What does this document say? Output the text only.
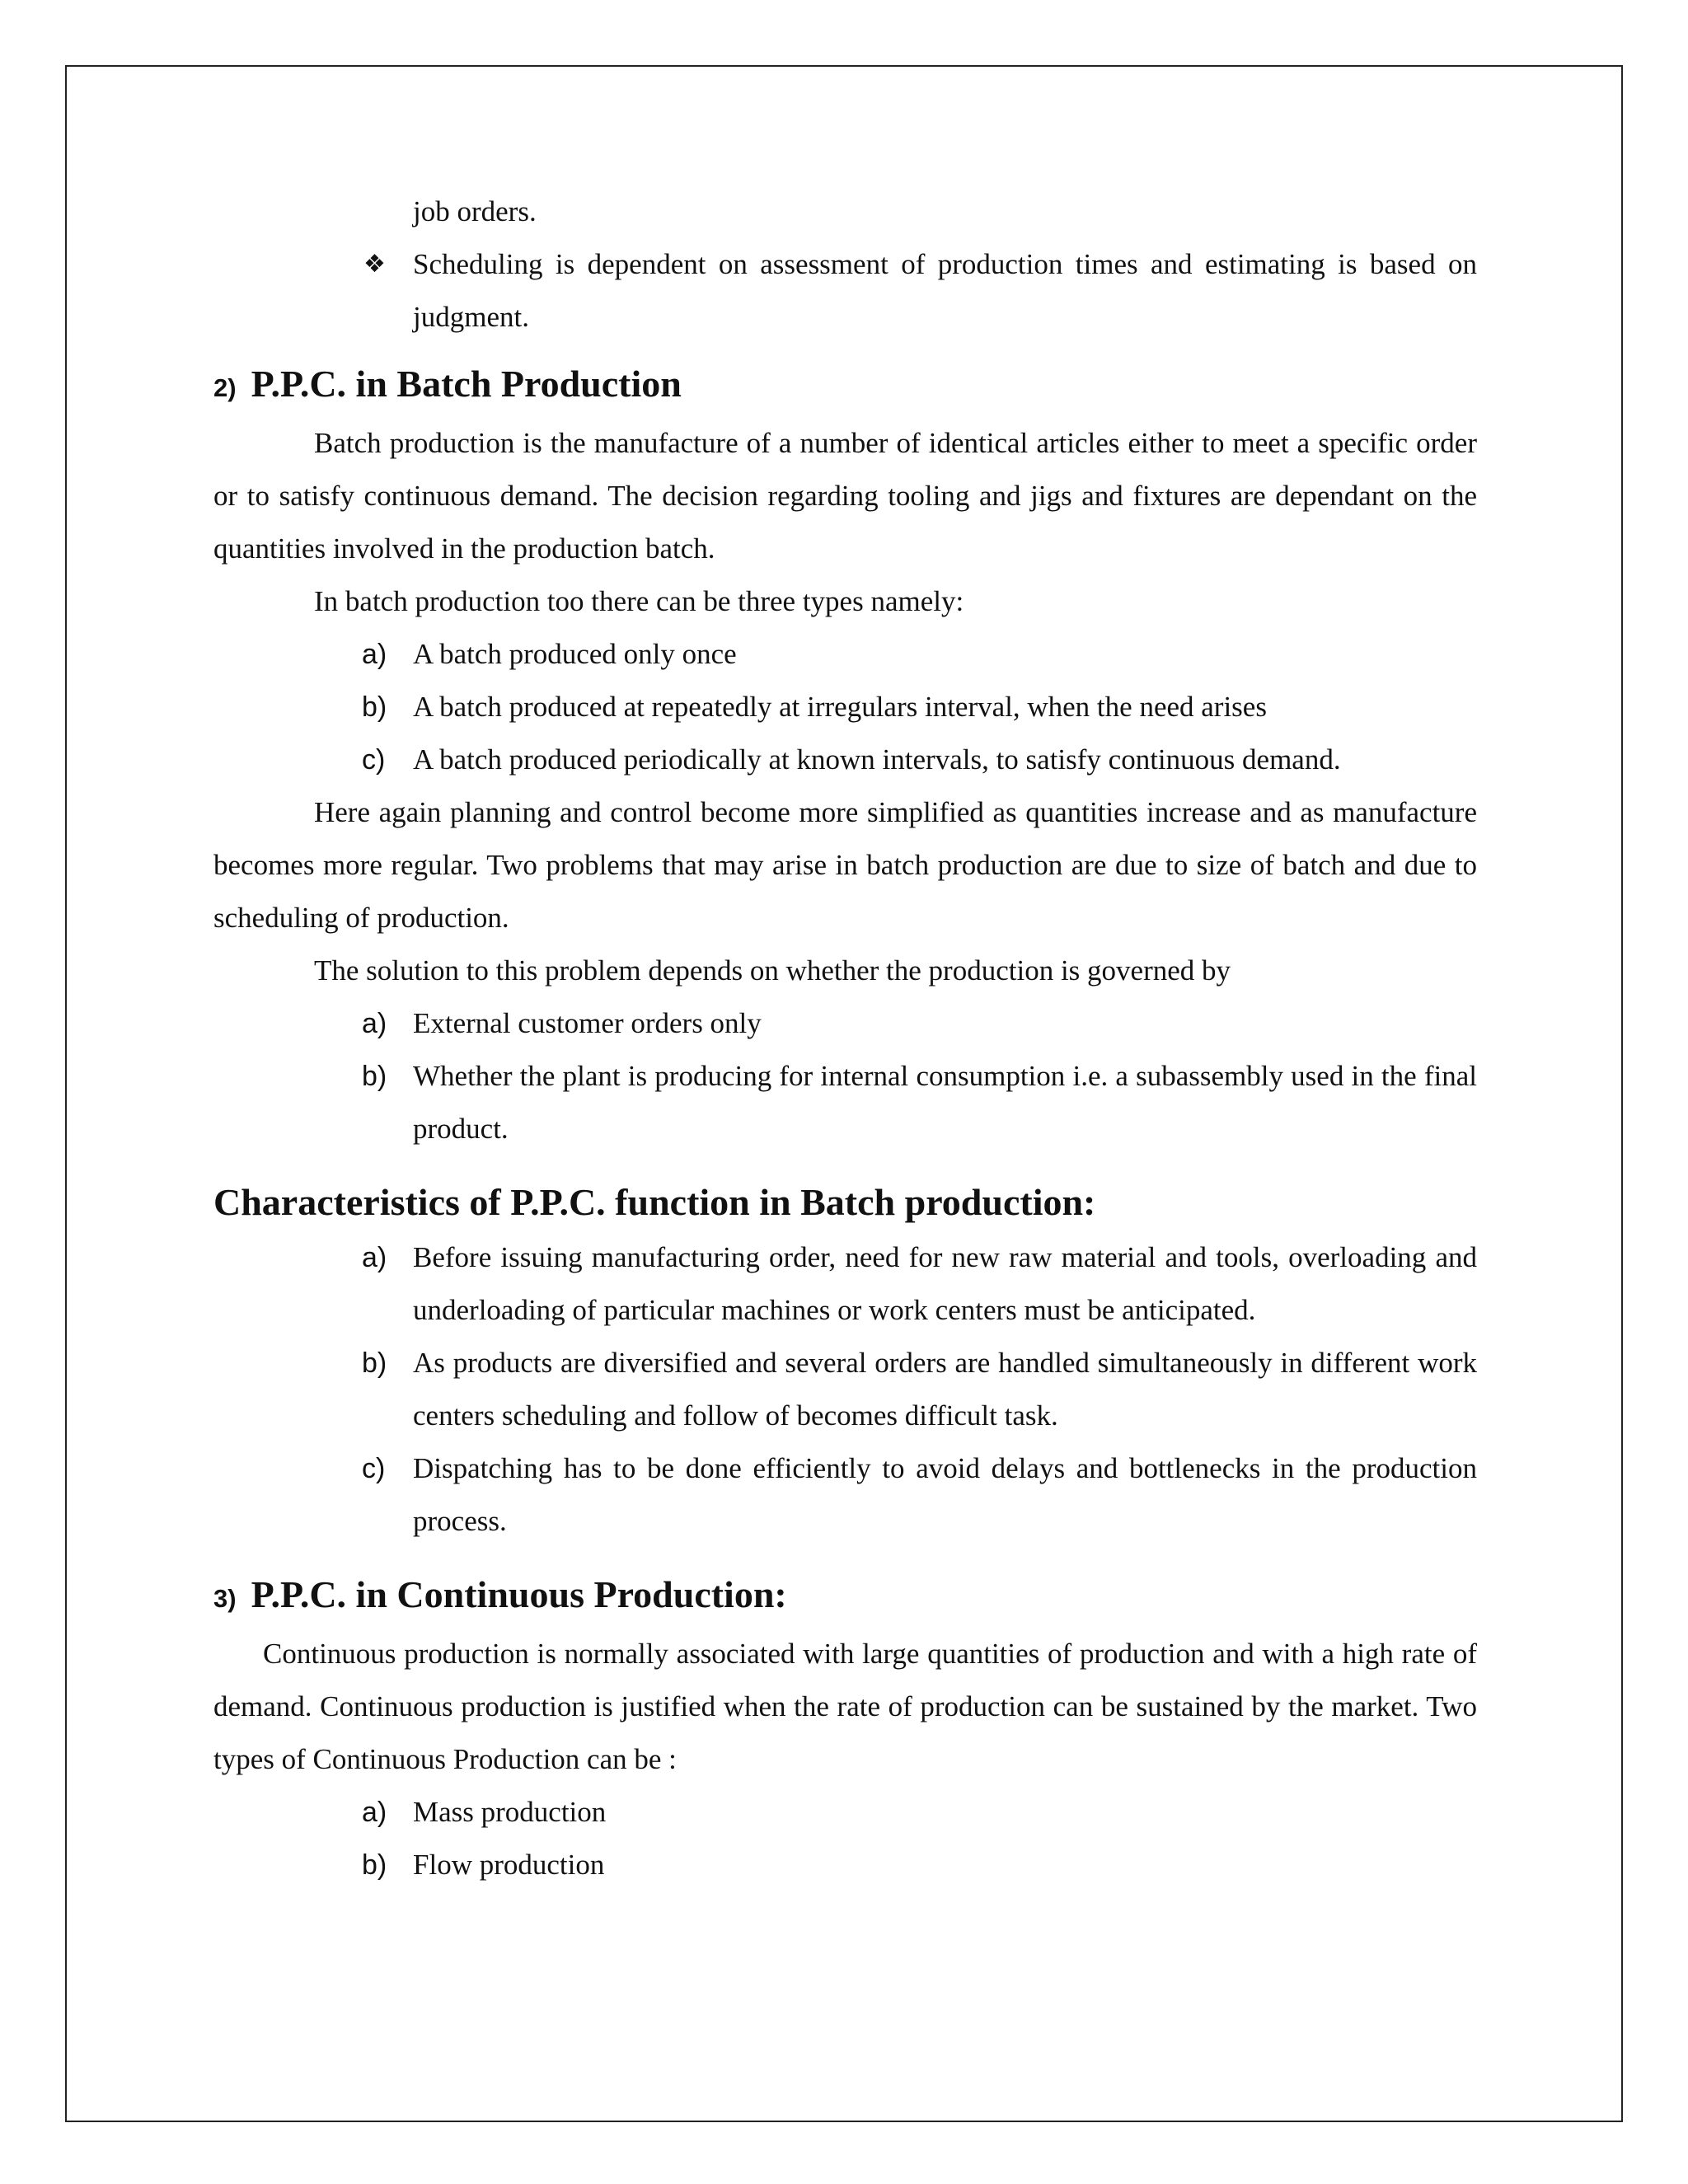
job orders.

❖ Scheduling is dependent on assessment of production times and estimating is based on judgment.
2) P.P.C. in Batch Production

Batch production is the manufacture of a number of identical articles either to meet a specific order or to satisfy continuous demand. The decision regarding tooling and jigs and fixtures are dependant on the quantities involved in the production batch.

In batch production too there can be three types namely:

a) A batch produced only once
b) A batch produced at repeatedly at irregulars interval, when the need arises
c) A batch produced periodically at known intervals, to satisfy continuous demand.

Here again planning and control become more simplified as quantities increase and as manufacture becomes more regular. Two problems that may arise in batch production are due to size of batch and due to scheduling of production.

The solution to this problem depends on whether the production is governed by

a) External customer orders only
b) Whether the plant is producing for internal consumption i.e. a subassembly used in the final product.
Characteristics of P.P.C. function in Batch production:
a) Before issuing manufacturing order, need for new raw material and tools, overloading and underloading of particular machines or work centers must be anticipated.
b) As products are diversified and several orders are handled simultaneously in different work centers scheduling and follow of becomes difficult task.
c) Dispatching has to be done efficiently to avoid delays and bottlenecks in the production process.
3) P.P.C. in Continuous Production:

Continuous production is normally associated with large quantities of production and with a high rate of demand. Continuous production is justified when the rate of production can be sustained by the market. Two types of Continuous Production can be :

a) Mass production
b) Flow production
